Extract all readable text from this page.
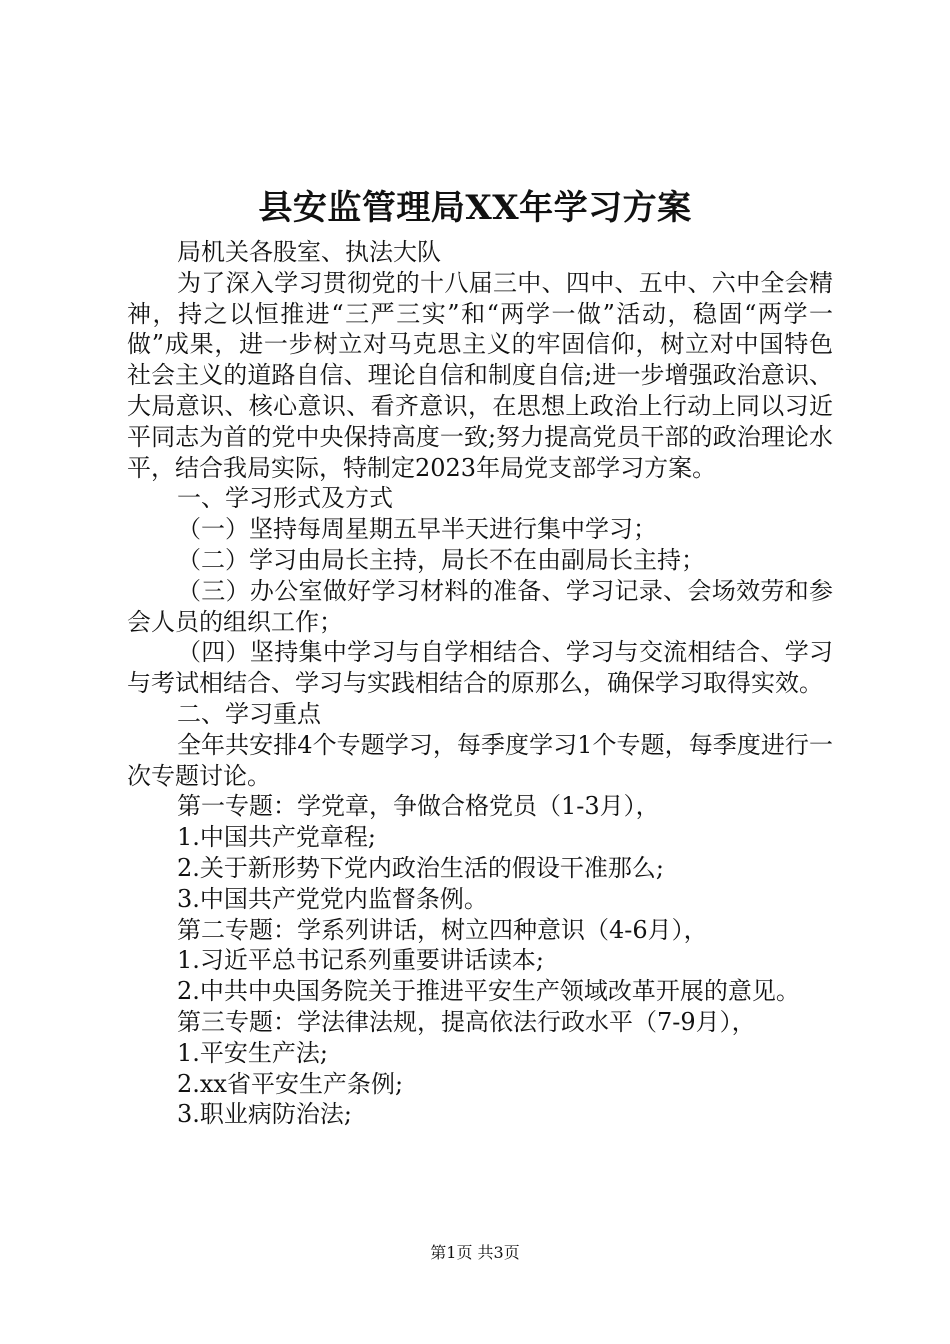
县安监管理局XX年学习方案

局机关各股室、执法大队

为了深入学习贯彻党的十八届三中、四中、五中、六中全会精神，持之以恒推进“三严三实”和“两学一做”活动，稳固“两学一做”成果，进一步树立对马克思主义的牢固信仰，树立对中国特色社会主义的道路自信、理论自信和制度自信;进一步增强政治意识、大局意识、核心意识、看齐意识，在思想上政治上行动上同以习近平同志为首的党中央保持高度一致;努力提高党员干部的政治理论水平，结合我局实际，特制定2023年局党支部学习方案。

一、学习形式及方式

（一）坚持每周星期五早半天进行集中学习；

（二）学习由局长主持，局长不在由副局长主持；

（三）办公室做好学习材料的准备、学习记录、会场效劳和参会人员的组织工作；

（四）坚持集中学习与自学相结合、学习与交流相结合、学习与考试相结合、学习与实践相结合的原那么，确保学习取得实效。

二、学习重点

全年共安排4个专题学习，每季度学习1个专题，每季度进行一次专题讨论。

第一专题：学党章，争做合格党员（1-3月），

1.中国共产党章程;

2.关于新形势下党内政治生活的假设干准那么;

3.中国共产党党内监督条例。

第二专题：学系列讲话，树立四种意识（4-6月），

1.习近平总书记系列重要讲话读本;

2.中共中央国务院关于推进平安生产领域改革开展的意见。

第三专题：学法律法规，提高依法行政水平（7-9月），

1.平安生产法;

2.xx省平安生产条例;

3.职业病防治法;

第1页 共3页
